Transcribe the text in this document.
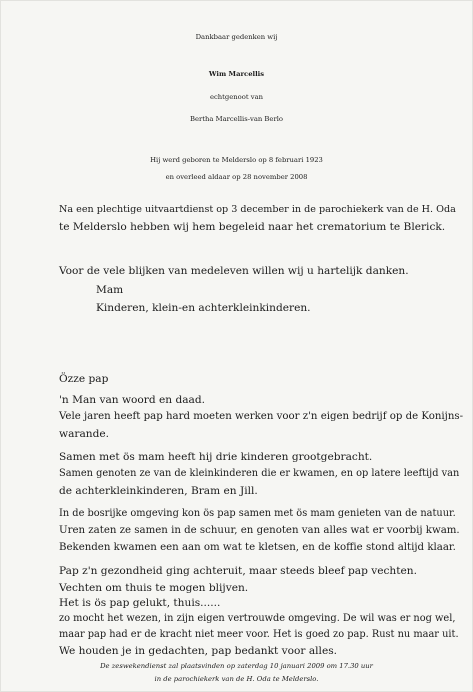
Dankbaar gedenken wij
Wim Marcellis
echtgenoot van
Bertha Marcellis-van Berlo
Hij werd geboren te Melderslo op 8 februari 1923
en overleed aldaar op 28 november 2008
Na een plechtige uitvaartdienst op 3 december in de parochiekerk van de H. Oda
te Melderslo hebben wij hem begeleid naar het crematorium te Blerick.
Voor de vele blijken van medeleven willen wij u hartelijk danken.
Mam
Kinderen, klein-en achterkleinkinderen.
Özze pap
'n Man van woord en daad.
Vele jaren heeft pap hard moeten werken voor z'n eigen bedrijf op de Konijns-
warande.
Samen met ös mam heeft hij drie kinderen grootgebracht.
Samen genoten ze van de kleinkinderen die er kwamen, en op latere leeftijd van
de achterkleinkinderen, Bram en Jill.
In de bosrijke omgeving kon ös pap samen met ös mam genieten van de natuur.
Uren zaten ze samen in de schuur, en genoten van alles wat er voorbij kwam.
Bekenden kwamen een aan om wat te kletsen, en de koffie stond altijd klaar.
Pap z'n gezondheid ging achteruit, maar steeds bleef pap vechten.
Vechten om thuis te mogen blijven.
Het is ös pap gelukt, thuis......
zo mocht het wezen, in zijn eigen vertrouwde omgeving. De wil was er nog wel,
maar pap had er de kracht niet meer voor. Het is goed zo pap. Rust nu maar uit.
We houden je in gedachten, pap bedankt voor alles.
De zeswekendienst zal plaatsvinden op zaterdag 10 januari 2009 om 17.30 uur
in de parochiekerk van de H. Oda te Melderslo.
